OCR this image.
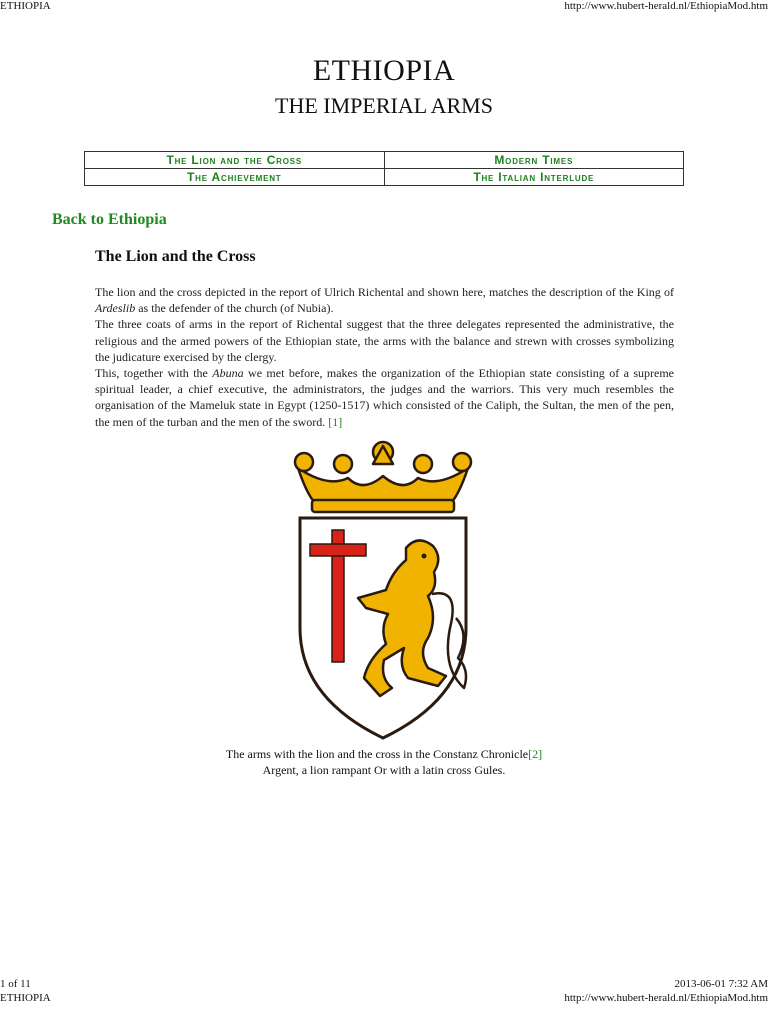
ETHIOPIA	http://www.hubert-herald.nl/EthiopiaMod.htm
ETHIOPIA
THE IMPERIAL ARMS
The Lion and the Cross	Modern Times
The Achievement	The Italian Interlude
Back to Ethiopia
The Lion and the Cross

The lion and the cross depicted in the report of Ulrich Richental and shown here, matches the description of the King of Ardeslib as the defender of the church (of Nubia).

The three coats of arms in the report of Richental suggest that the three delegates represented the administrative, the religious and the armed powers of the Ethiopian state, the arms with the balance and strewn with crosses symbolizing the judicature exercised by the clergy.

This, together with the Abuna we met before, makes the organization of the Ethiopian state consisting of a supreme spiritual leader, a chief executive, the administrators, the judges and the warriors. This very much resembles the organisation of the Mameluk state in Egypt (1250-1517) which consisted of the Caliph, the Sultan, the men of the pen, the men of the turban and the men of the sword. [1]

The arms with the lion and the cross in the Constanz Chronicle[2]
Argent, a lion rampant Or with a latin cross Gules.
1 of 11	2013-06-01 7:32 AM
ETHIOPIA	http://www.hubert-herald.nl/EthiopiaMod.htm
